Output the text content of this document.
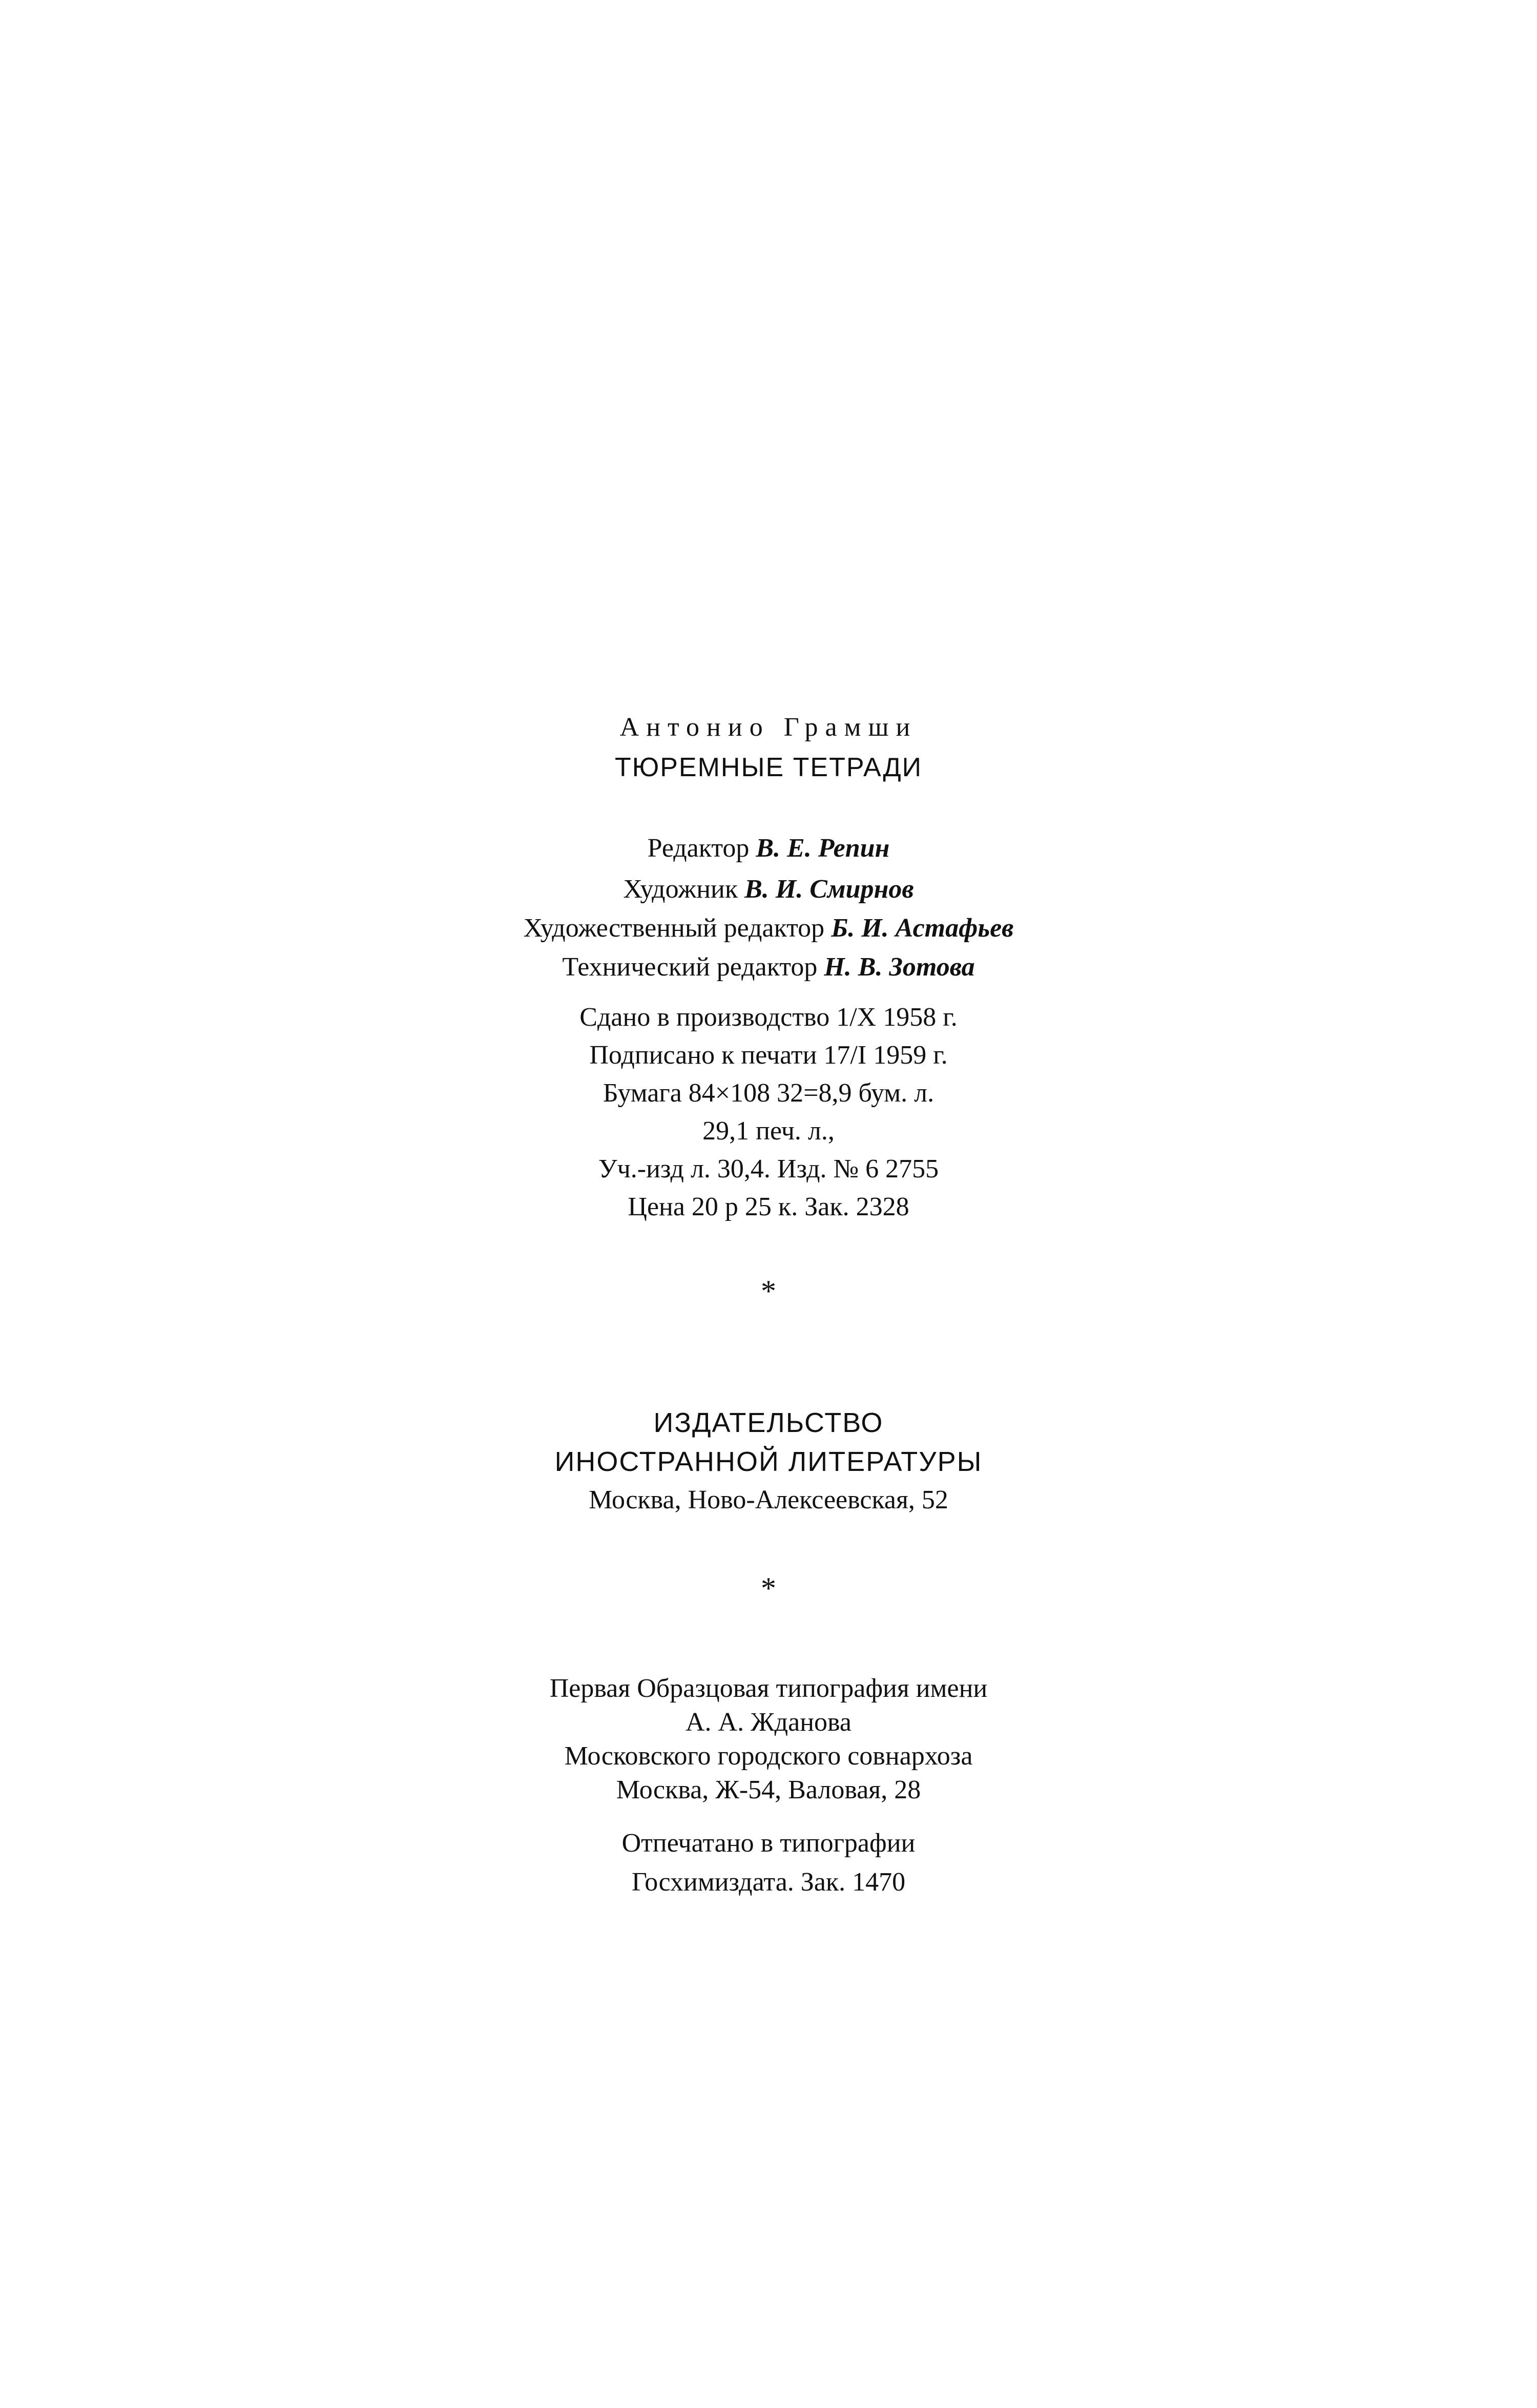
Антонио Грамши
ТЮРЕМНЫЕ ТЕТРАДИ
Редактор В. Е. Репин
Художник В. И. Смирнов
Художественный редактор Б. И. Астафьев
Технический редактор Н. В. Зотова
Сдано в производство 1/X 1958 г.
Подписано к печати 17/I 1959 г.
Бумага 84×108 32=8,9 бум. л.
29,1 печ. л.,
Уч.-изд л. 30,4. Изд. № 6 2755
Цена 20 р 25 к. Зак. 2328
*
ИЗДАТЕЛЬСТВО
ИНОСТРАННОЙ ЛИТЕРАТУРЫ
Москва, Ново-Алексеевская, 52
*
Первая Образцовая типография имени
А. А. Жданова
Московского городского совнархоза
Москва, Ж-54, Валовая, 28
Отпечатано в типографии
Госхимиздата. Зак. 1470
